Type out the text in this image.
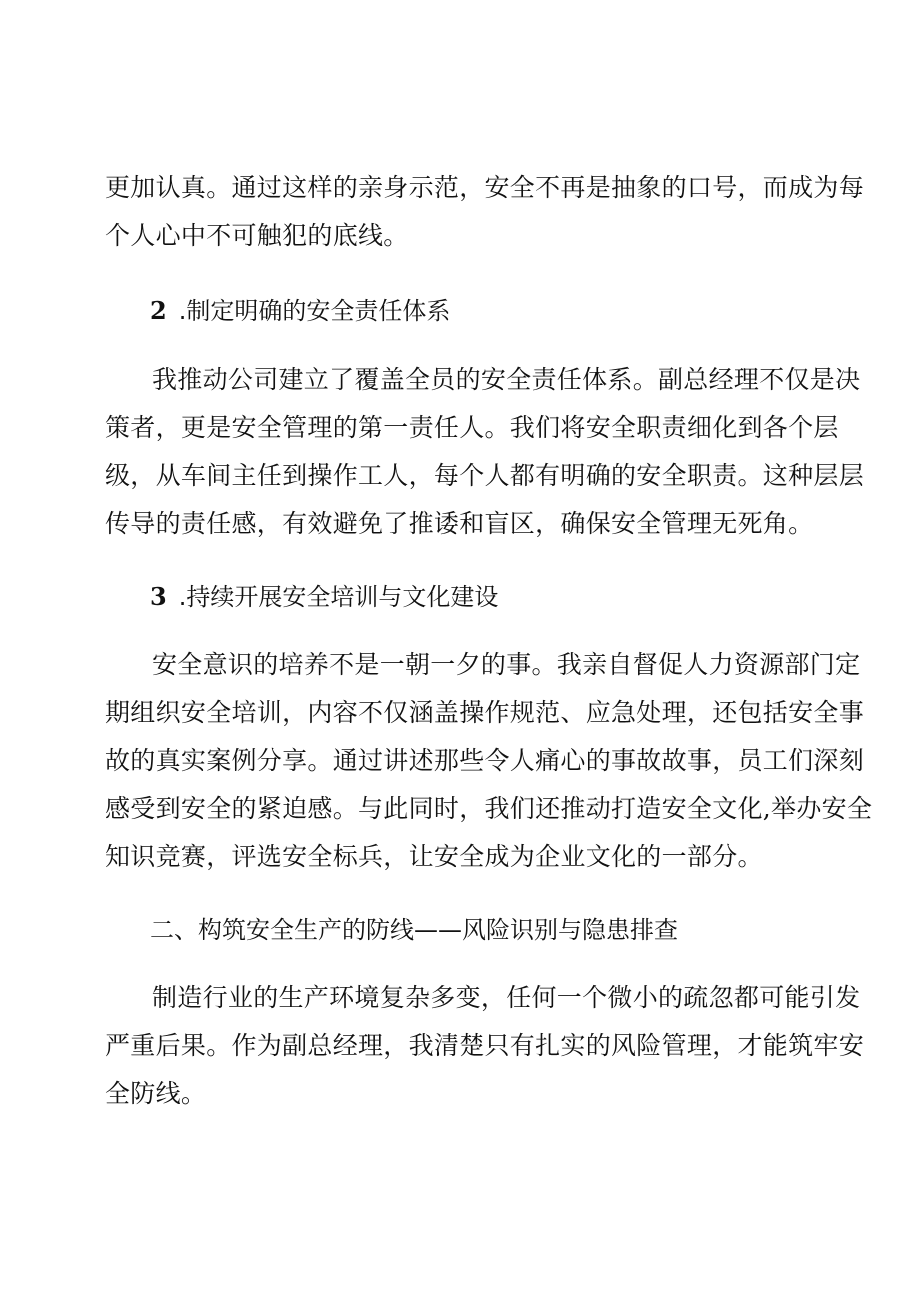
更加认真。通过这样的亲身示范，安全不再是抽象的口号，而成为每
个人心中不可触犯的底线。
2 .制定明确的安全责任体系
我推动公司建立了覆盖全员的安全责任体系。副总经理不仅是决
策者，更是安全管理的第一责任人。我们将安全职责细化到各个层
级，从车间主任到操作工人，每个人都有明确的安全职责。这种层层
传导的责任感，有效避免了推诿和盲区，确保安全管理无死角。
3 .持续开展安全培训与文化建设
安全意识的培养不是一朝一夕的事。我亲自督促人力资源部门定
期组织安全培训，内容不仅涵盖操作规范、应急处理，还包括安全事
故的真实案例分享。通过讲述那些令人痛心的事故故事，员工们深刻
感受到安全的紧迫感。与此同时，我们还推动打造安全文化,举办安全
知识竞赛，评选安全标兵，让安全成为企业文化的一部分。
二、构筑安全生产的防线——风险识别与隐患排查
制造行业的生产环境复杂多变，任何一个微小的疏忽都可能引发
严重后果。作为副总经理，我清楚只有扎实的风险管理，才能筑牢安
全防线。
